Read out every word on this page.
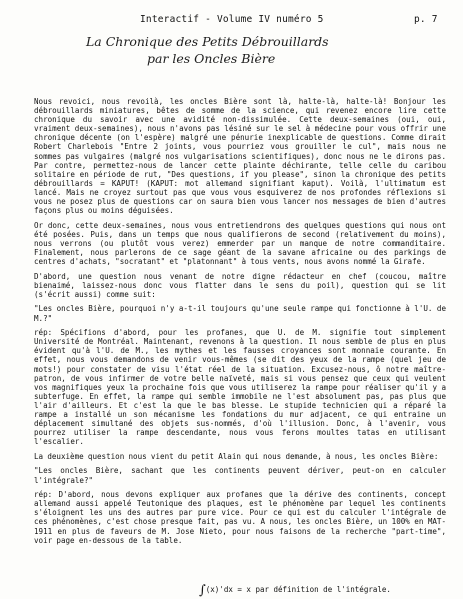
Interactif - Volume IV numéro 5	p. 7
La Chronique des Petits Débrouillards
par les Oncles Bière

Nous revoici, nous revoilà, les oncles Bière sont là, halte-là, halte-là! Bonjour les débrouillards miniatures, bêtes de somme de la science, qui revenez encore lire cette chronique du savoir avec une avidité non-dissimulée. Cette deux-semaines (oui, oui, vraiment deux-semaines), nous n'avons pas lésiné sur le sel à médecine pour vous offrir une chronique décente (on l'espère) malgré une pénurie inexplicable de questions. Comme dirait Robert Charlebois "Entre 2 joints, vous pourriez vous grouiller le cul", mais nous ne sommes pas vulgaires (malgré nos vulgarisations scientifiques), donc nous ne le dirons pas. Par contre, permettez-nous de lancer cette plainte déchirante, telle celle du caribou solitaire en période de rut, "Des questions, if you please", sinon la chronique des petits débrouillards = KAPUT! (KAPUT: mot allemand signifiant kaput). Voilà, l'ultimatum est lancé. Mais ne croyez surtout pas que vous vous esquiverez de nos profondes réflexions si vous ne posez plus de questions car on saura bien vous lancer nos messages de bien d'autres façons plus ou moins déguisées.

Or donc, cette deux-semaines, nous vous entretiendrons des quelques questions qui nous ont été posées. Puis, dans un temps que nous qualifierons de second (relativement du moins), nous verrons (ou plutôt vous verez) emmerder par un manque de notre commanditaire. Finalement, nous parlerons de ce sage géant de la savane africaine ou des parkings de centres d'achats, "socratant" et "platonnant" à tous vents, nous avons nommé la Girafe.

D'abord, une question nous venant de notre digne rédacteur en chef (coucou, maître bienaimé, laissez-nous donc vous flatter dans le sens du poil), question qui se lit (s'écrit aussi) comme suit:

"Les oncles Bière, pourquoi n'y a-t-il toujours qu'une seule rampe qui fonctionne à l'U. de M.?"

rép: Spécifions d'abord, pour les profanes, que U. de M. signifie tout simplement Université de Montréal. Maintenant, revenons à la question. Il nous semble de plus en plus évident qu'à l'U. de M., les mythes et les fausses croyances sont monnaie courante. En effet, nous vous demandons de venir vous-mêmes (se dit des yeux de la rampe (quel jeu de mots!) pour constater de visu l'état réel de la situation. Excusez-nous, ô notre maître-patron, de vous infirmer de votre belle naïveté, mais si vous pensez que ceux qui veulent vos magnifiques yeux la prochaine fois que vous utiliserez la rampe pour réaliser qu'il y a subterfuge. En effet, la rampe qui semble immobile ne l'est absolument pas, pas plus que l'air d'ailleurs. Et c'est la que le bas blesse. Le stupide technicien qui a réparé la rampe a installé un son mécanisme les fondations du mur adjacent, ce qui entraine un déplacement simultané des objets sus-nommés, d'où l'illusion. Donc, à l'avenir, vous pourrez utiliser la rampe descendante, nous vous ferons moultes tatas en utilisant l'escalier.

La deuxième question nous vient du petit Alain qui nous demande, à nous, les oncles Bière:

"Les oncles Bière, sachant que les continents peuvent dériver, peut-on en calculer l'intégrale?"

rép: D'abord, nous devons expliquer aux profanes que la dérive des continents, concept allemand aussi appelé Teutonique des plaques, est le phénomène par lequel les continents s'éloignent les uns des autres par pure vice. Pour ce qui est du calculer l'intégrale de ces phénomènes, c'est chose presque fait, pas vu. A nous, les oncles Bière, un 100% en MAT-1911 en plus de faveurs de M. Jose Nieto, pour nous faisons de la recherche "part-time", voir page en-dessous de la table.

∫(x)'dx = x par définition de l'intégrale.
